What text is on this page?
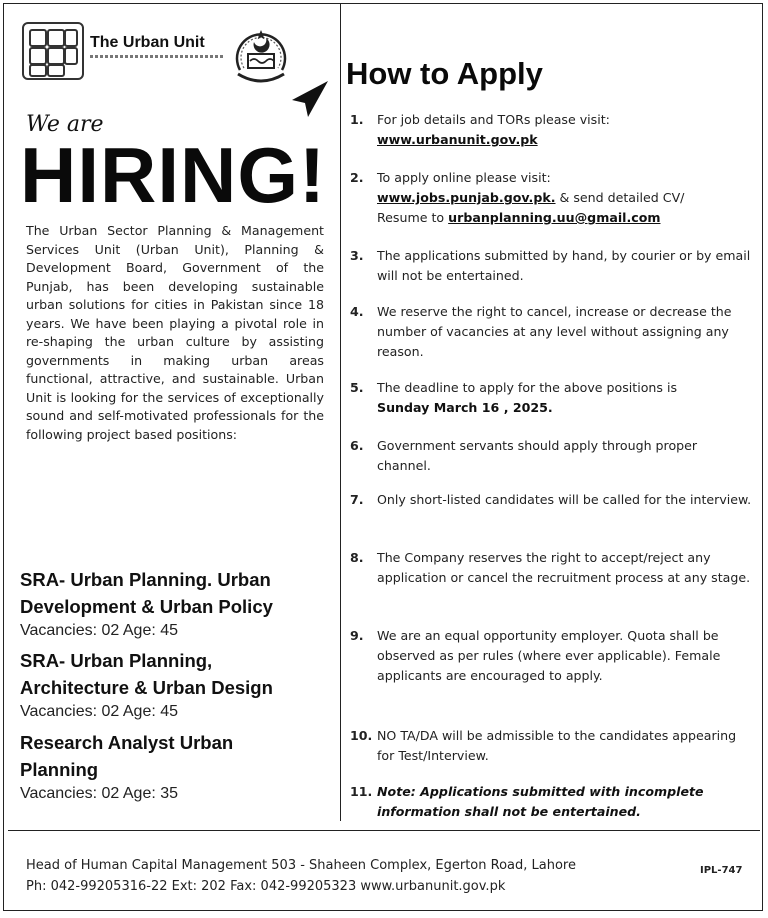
The Urban Unit
We are
HIRING!
The Urban Sector Planning & Management Services Unit (Urban Unit), Planning & Development Board, Government of the Punjab, has been developing sustainable urban solutions for cities in Pakistan since 18 years. We have been playing a pivotal role in re-shaping the urban culture by assisting governments in making urban areas functional, attractive, and sustainable. Urban Unit is looking for the services of exceptionally sound and self-motivated professionals for the following project based positions:
SRA- Urban Planning. Urban
Development & Urban Policy
Vacancies: 02 Age: 45
SRA- Urban Planning,
Architecture & Urban Design
Vacancies: 02 Age: 45
Research Analyst Urban
Planning
Vacancies: 02 Age: 35
How to Apply
1. For job details and TORs please visit:
www.urbanunit.gov.pk
2. To apply online please visit:
www.jobs.punjab.gov.pk. & send detailed CV/
Resume to urbanplanning.uu@gmail.com
3. The applications submitted by hand, by courier or by email will not be entertained.
4. We reserve the right to cancel, increase or decrease the number of vacancies at any level without assigning any reason.
5. The deadline to apply for the above positions is
Sunday March 16 , 2025.
6. Government servants should apply through proper channel.
7. Only short-listed candidates will be called for the interview.
8. The Company reserves the right to accept/reject any application or cancel the recruitment process at any stage.
9. We are an equal opportunity employer. Quota shall be observed as per rules (where ever applicable). Female applicants are encouraged to apply.
10. NO TA/DA will be admissible to the candidates appearing for Test/Interview.
11. Note: Applications submitted with incomplete information shall not be entertained.
Head of Human Capital Management 503 - Shaheen Complex, Egerton Road, Lahore
Ph: 042-99205316-22 Ext: 202 Fax: 042-99205323 www.urbanunit.gov.pk
IPL-747
